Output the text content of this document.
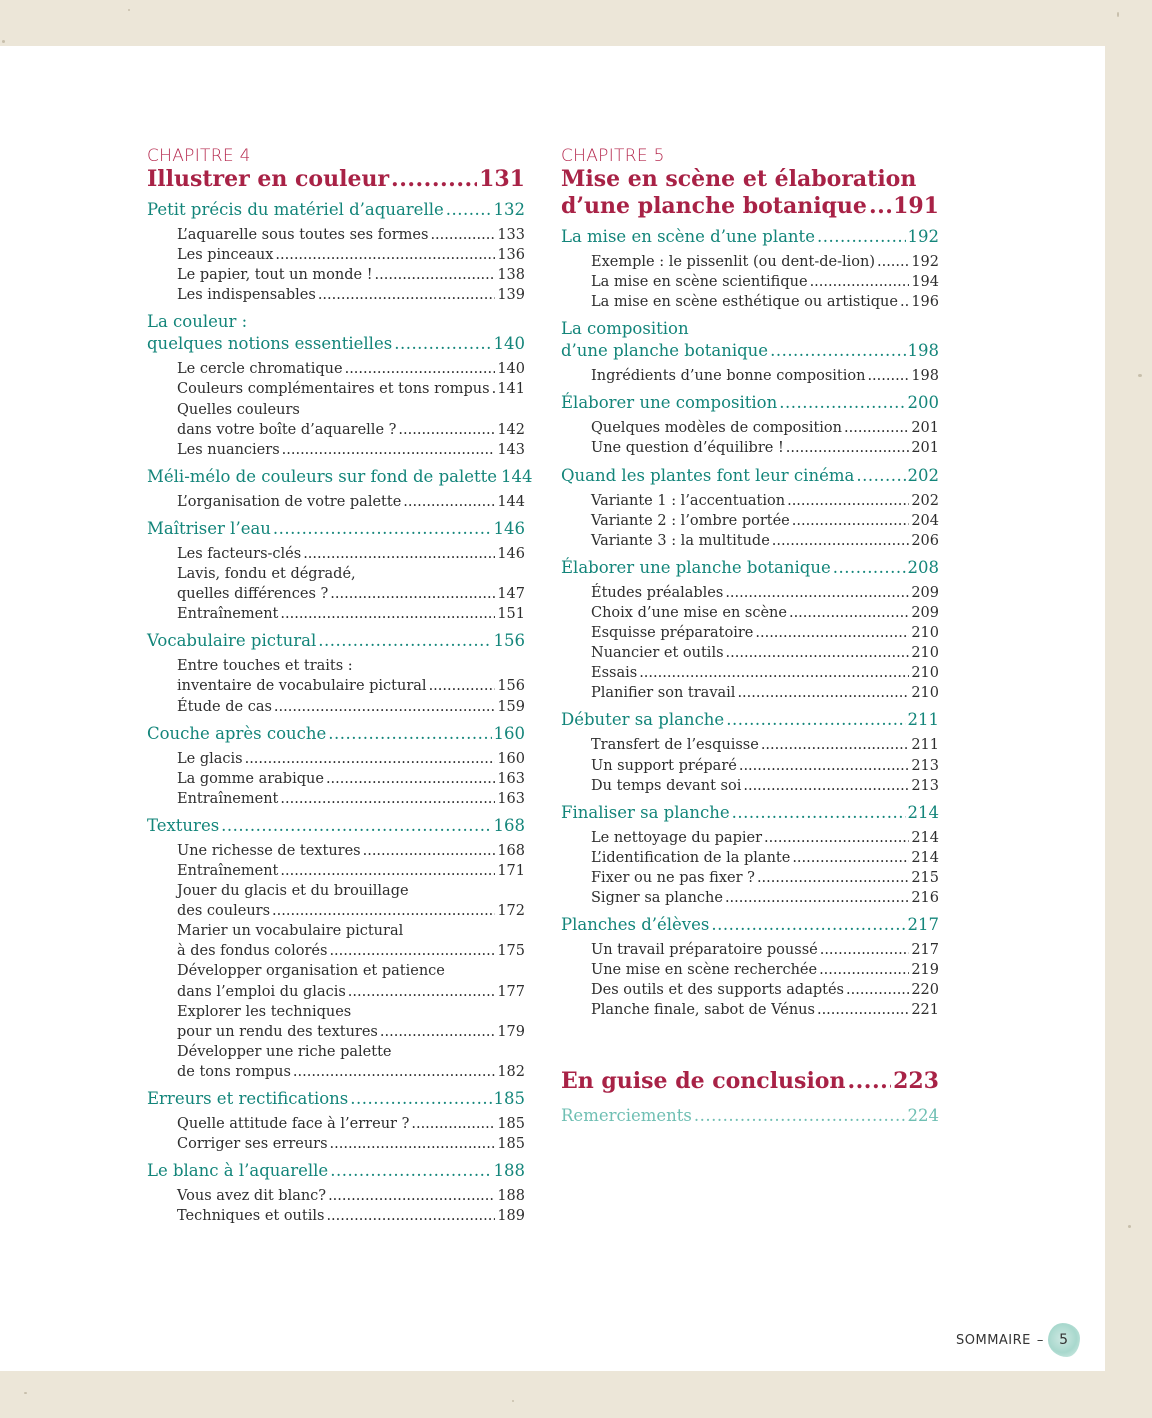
CHAPITRE 4
Illustrer en couleur .....	131
Petit précis du matériel d’aquarelle .....	132
L’aquarelle sous toutes ses formes .....	133
Les pinceaux .....	136
Le papier, tout un monde ! .....	138
Les indispensables .....	139
La couleur :
quelques notions essentielles .....	140
Le cercle chromatique .....	140
Couleurs complémentaires et tons rompus ..... 141
Quelles couleurs
dans votre boîte d’aquarelle ? .....	142
Les nuanciers .....	143
Méli-mélo de couleurs sur fond de palette 144
L’organisation de votre palette .....	144
Maîtriser l’eau .....	146
Les facteurs-clés .....	146
Lavis, fondu et dégradé,
quelles différences ? .....	147
Entraînement .....	151
Vocabulaire pictural .....	156
Entre touches et traits :
inventaire de vocabulaire pictural .....	156
Étude de cas .....	159
Couche après couche .....	160
Le glacis .....	160
La gomme arabique .....	163
Entraînement .....	163
Textures .....	168
Une richesse de textures .....	168
Entraînement .....	171
Jouer du glacis et du brouillage
des couleurs .....	172
Marier un vocabulaire pictural
à des fondus colorés .....	175
Développer organisation et patience
dans l’emploi du glacis .....	177
Explorer les techniques
pour un rendu des textures .....	179
Développer une riche palette
de tons rompus .....	182
Erreurs et rectifications .....	185
Quelle attitude face à l’erreur ? .....	185
Corriger ses erreurs .....	185
Le blanc à l’aquarelle .....	188
Vous avez dit blanc? .....	188
Techniques et outils .....	189
CHAPITRE 5
Mise en scène et élaboration
d’une planche botanique ..... 191
La mise en scène d’une plante .....	192
Exemple : le pissenlit (ou dent-de-lion) .....	192
La mise en scène scientifique .....	194
La mise en scène esthétique ou artistique ..... 196
La composition
d’une planche botanique .....	198
Ingrédients d’une bonne composition .....	198
Élaborer une composition .....	200
Quelques modèles de composition .....	201
Une question d’équilibre ! .....	201
Quand les plantes font leur cinéma .....	202
Variante 1 : l’accentuation .....	202
Variante 2 : l’ombre portée .....	204
Variante 3 : la multitude .....	206
Élaborer une planche botanique .....	208
Études préalables .....	209
Choix d’une mise en scène .....	209
Esquisse préparatoire .....	210
Nuancier et outils .....	210
Essais .....	210
Planifier son travail .....	210
Débuter sa planche .....	211
Transfert de l’esquisse .....	211
Un support préparé .....	213
Du temps devant soi .....	213
Finaliser sa planche .....	214
Le nettoyage du papier .....	214
L’identification de la plante .....	214
Fixer ou ne pas fixer ? .....	215
Signer sa planche .....	216
Planches d’élèves .....	217
Un travail préparatoire poussé .....	217
Une mise en scène recherchée .....	219
Des outils et des supports adaptés .....	220
Planche finale, sabot de Vénus .....	221
En guise de conclusion ..... 223
Remerciements .....	224
SOMMAIRE – 5
